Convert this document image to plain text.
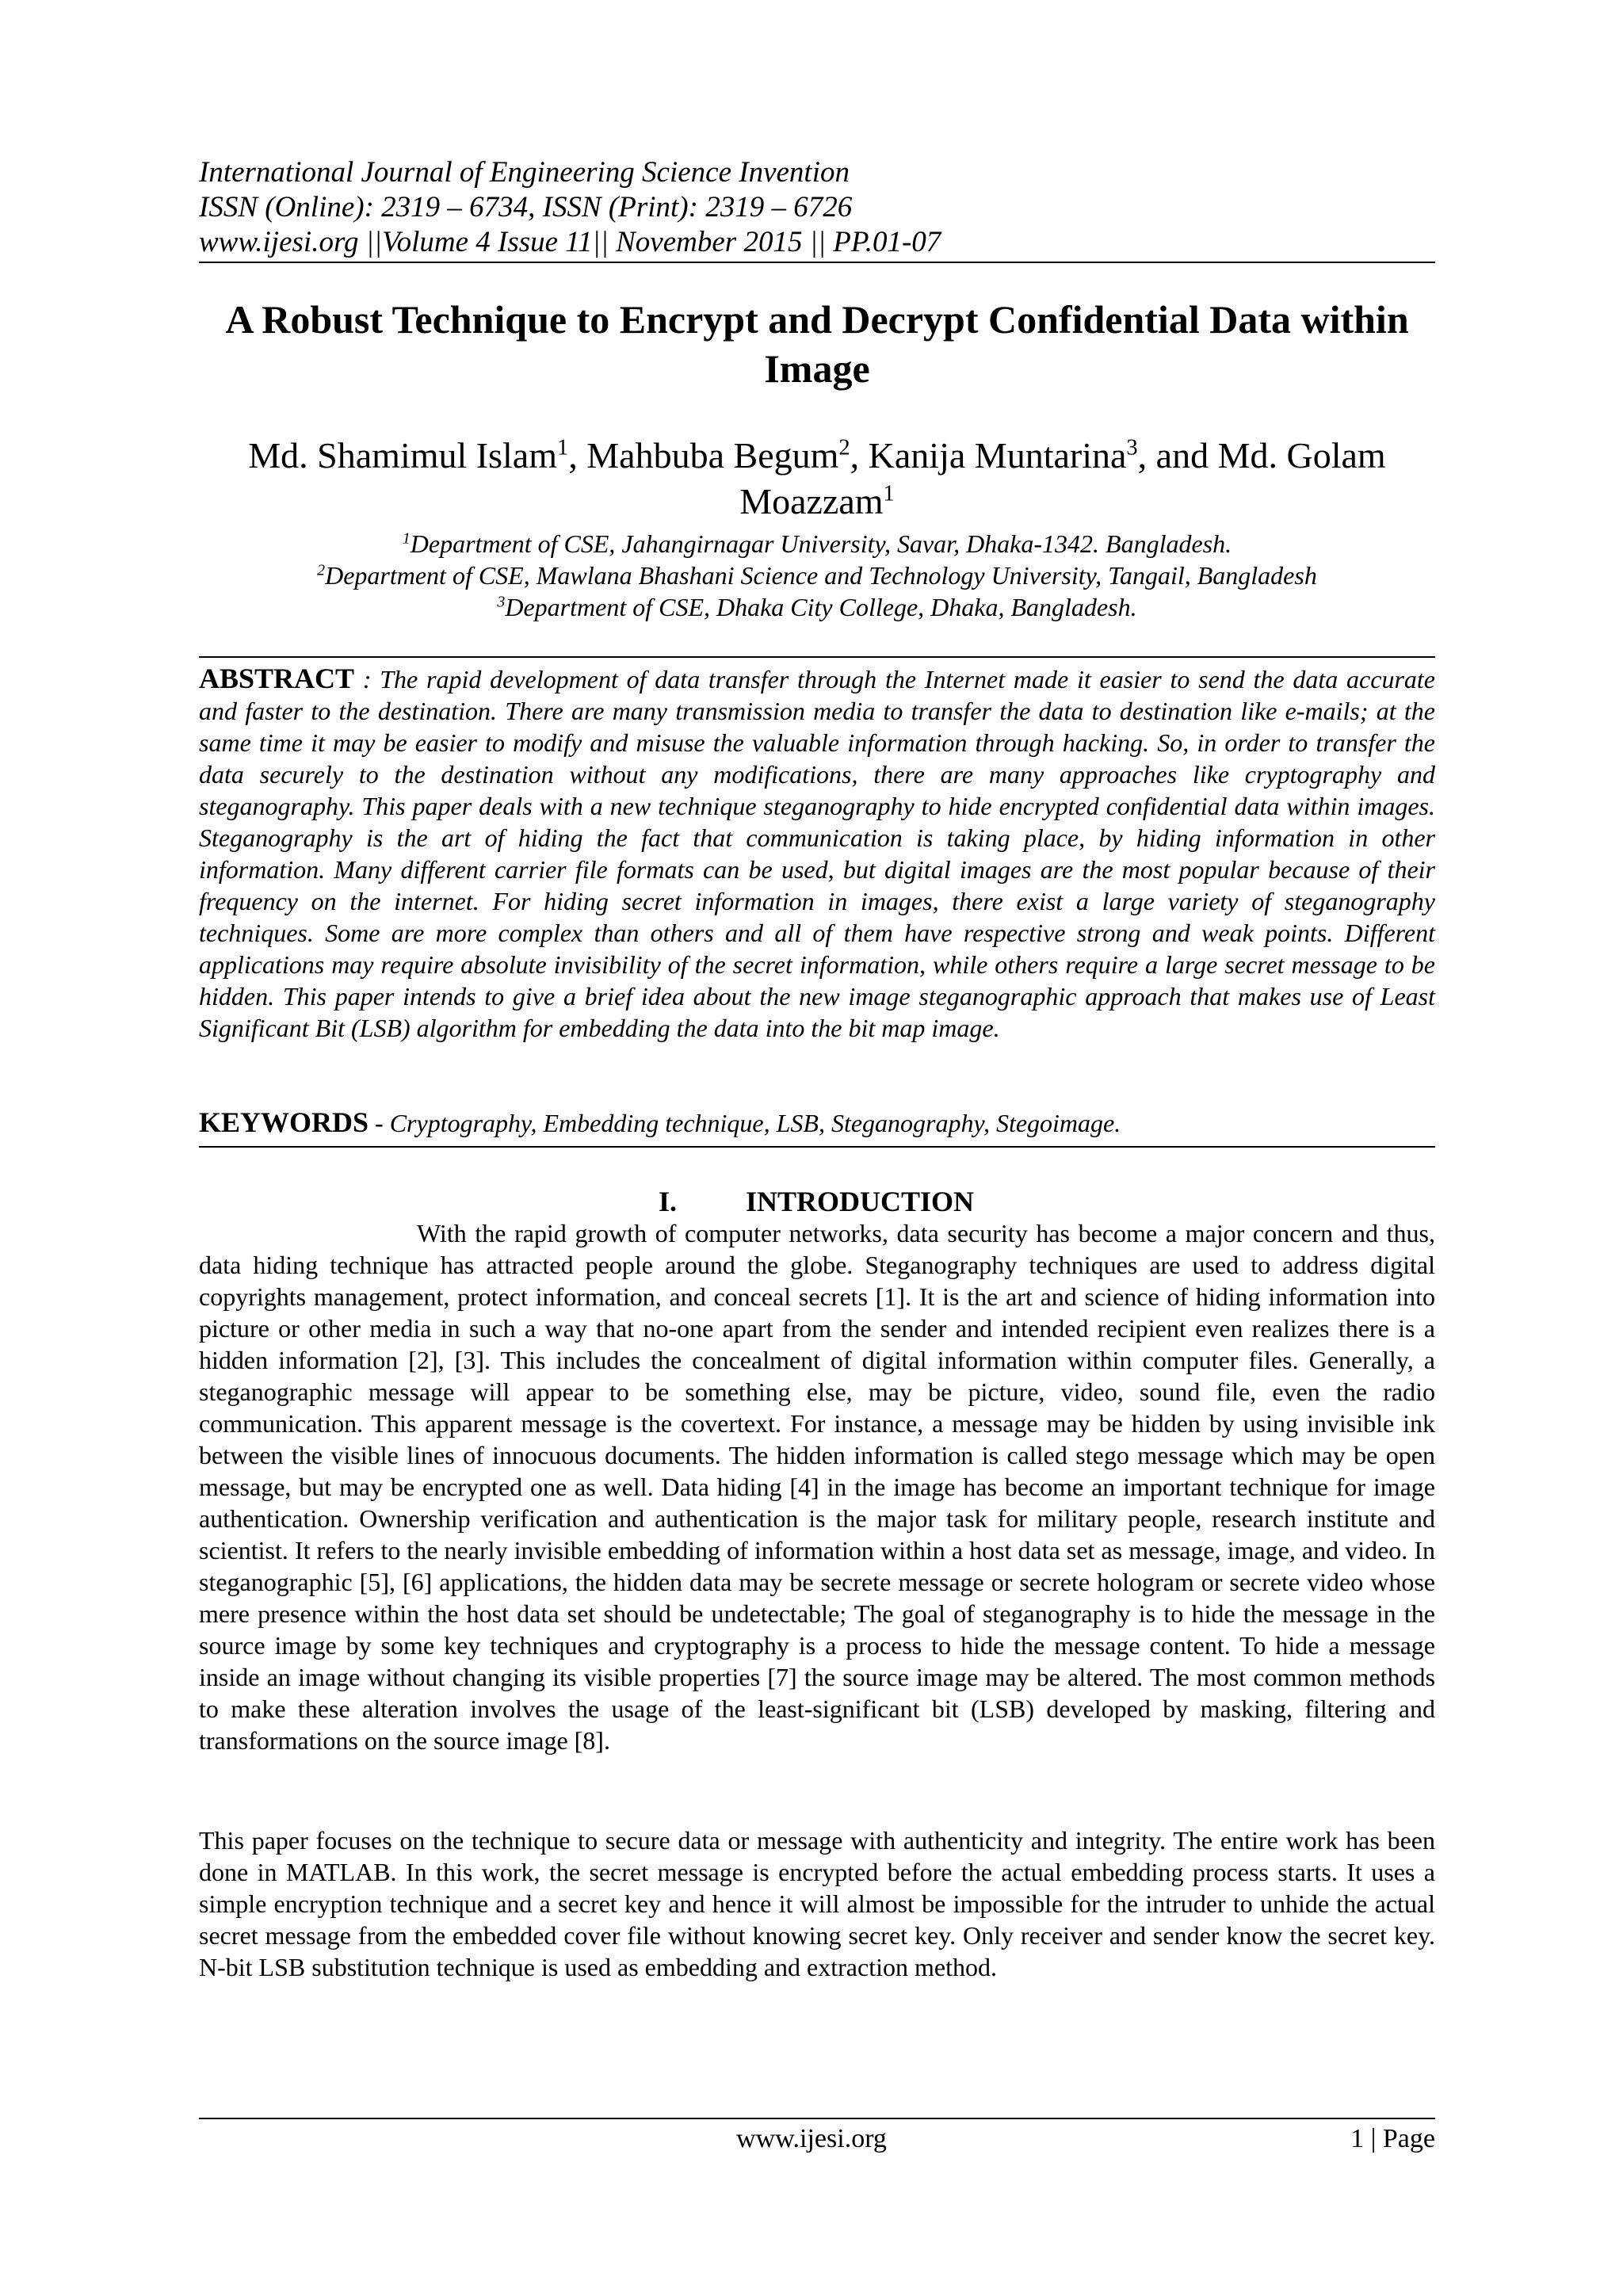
International Journal of Engineering Science Invention
ISSN (Online): 2319 – 6734, ISSN (Print): 2319 – 6726
www.ijesi.org ||Volume 4 Issue 11|| November 2015 || PP.01-07
A Robust Technique to Encrypt and Decrypt Confidential Data within Image
Md. Shamimul Islam$^1$, Mahbuba Begum$^2$, Kanija Muntarina$^3$, and Md. Golam Moazzam$^1$
$^1$Department of CSE, Jahangirnagar University, Savar, Dhaka-1342. Bangladesh.
$^2$Department of CSE, Mawlana Bhashani Science and Technology University, Tangail, Bangladesh
$^3$Department of CSE, Dhaka City College, Dhaka, Bangladesh.
ABSTRACT : The rapid development of data transfer through the Internet made it easier to send the data accurate and faster to the destination. There are many transmission media to transfer the data to destination like e-mails; at the same time it may be easier to modify and misuse the valuable information through hacking. So, in order to transfer the data securely to the destination without any modifications, there are many approaches like cryptography and steganography. This paper deals with a new technique steganography to hide encrypted confidential data within images. Steganography is the art of hiding the fact that communication is taking place, by hiding information in other information. Many different carrier file formats can be used, but digital images are the most popular because of their frequency on the internet. For hiding secret information in images, there exist a large variety of steganography techniques. Some are more complex than others and all of them have respective strong and weak points. Different applications may require absolute invisibility of the secret information, while others require a large secret message to be hidden. This paper intends to give a brief idea about the new image steganographic approach that makes use of Least Significant Bit (LSB) algorithm for embedding the data into the bit map image.
KEYWORDS - Cryptography, Embedding technique, LSB, Steganography, Stegoimage.
I. INTRODUCTION
With the rapid growth of computer networks, data security has become a major concern and thus, data hiding technique has attracted people around the globe. Steganography techniques are used to address digital copyrights management, protect information, and conceal secrets [1]. It is the art and science of hiding information into picture or other media in such a way that no-one apart from the sender and intended recipient even realizes there is a hidden information [2], [3]. This includes the concealment of digital information within computer files. Generally, a steganographic message will appear to be something else, may be picture, video, sound file, even the radio communication. This apparent message is the covertext. For instance, a message may be hidden by using invisible ink between the visible lines of innocuous documents. The hidden information is called stego message which may be open message, but may be encrypted one as well. Data hiding [4] in the image has become an important technique for image authentication. Ownership verification and authentication is the major task for military people, research institute and scientist. It refers to the nearly invisible embedding of information within a host data set as message, image, and video. In steganographic [5], [6] applications, the hidden data may be secrete message or secrete hologram or secrete video whose mere presence within the host data set should be undetectable; The goal of steganography is to hide the message in the source image by some key techniques and cryptography is a process to hide the message content. To hide a message inside an image without changing its visible properties [7] the source image may be altered. The most common methods to make these alteration involves the usage of the least-significant bit (LSB) developed by masking, filtering and transformations on the source image [8].
This paper focuses on the technique to secure data or message with authenticity and integrity. The entire work has been done in MATLAB. In this work, the secret message is encrypted before the actual embedding process starts. It uses a simple encryption technique and a secret key and hence it will almost be impossible for the intruder to unhide the actual secret message from the embedded cover file without knowing secret key. Only receiver and sender know the secret key. N-bit LSB substitution technique is used as embedding and extraction method.
www.ijesi.org	1 | Page
